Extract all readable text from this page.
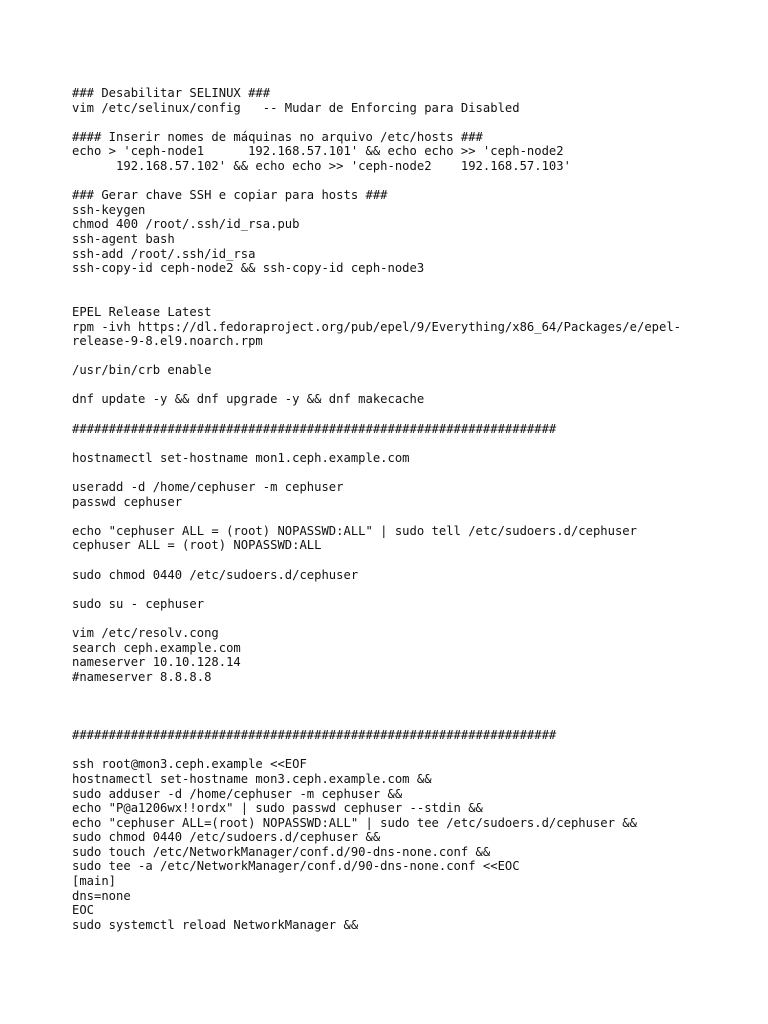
### Desabilitar SELINUX ###
vim /etc/selinux/config   -- Mudar de Enforcing para Disabled
#### Inserir nomes de máquinas no arquivo /etc/hosts ###
echo > 'ceph-node1      192.168.57.101' && echo echo >> 'ceph-node2
192.168.57.102' && echo echo >> 'ceph-node2    192.168.57.103'
### Gerar chave SSH e copiar para hosts ###
ssh-keygen
chmod 400 /root/.ssh/id_rsa.pub
ssh-agent bash
ssh-add /root/.ssh/id_rsa
ssh-copy-id ceph-node2 && ssh-copy-id ceph-node3
EPEL Release Latest
rpm -ivh https://dl.fedoraproject.org/pub/epel/9/Everything/x86_64/Packages/e/epel-
release-9-8.el9.noarch.rpm
/usr/bin/crb enable
dnf update -y && dnf upgrade -y && dnf makecache
##################################################################
hostnamectl set-hostname mon1.ceph.example.com
useradd -d /home/cephuser -m cephuser
passwd cephuser
echo "cephuser ALL = (root) NOPASSWD:ALL" | sudo tell /etc/sudoers.d/cephuser
cephuser ALL = (root) NOPASSWD:ALL
sudo chmod 0440 /etc/sudoers.d/cephuser
sudo su - cephuser
vim /etc/resolv.cong
search ceph.example.com
nameserver 10.10.128.14
#nameserver 8.8.8.8
##################################################################
ssh root@mon3.ceph.example <<EOF
hostnamectl set-hostname mon3.ceph.example.com &&
sudo adduser -d /home/cephuser -m cephuser &&
echo "P@a1206wx!!ordx" | sudo passwd cephuser --stdin &&
echo "cephuser ALL=(root) NOPASSWD:ALL" | sudo tee /etc/sudoers.d/cephuser &&
sudo chmod 0440 /etc/sudoers.d/cephuser &&
sudo touch /etc/NetworkManager/conf.d/90-dns-none.conf &&
sudo tee -a /etc/NetworkManager/conf.d/90-dns-none.conf <<EOC
[main]
dns=none
EOC
sudo systemctl reload NetworkManager &&
